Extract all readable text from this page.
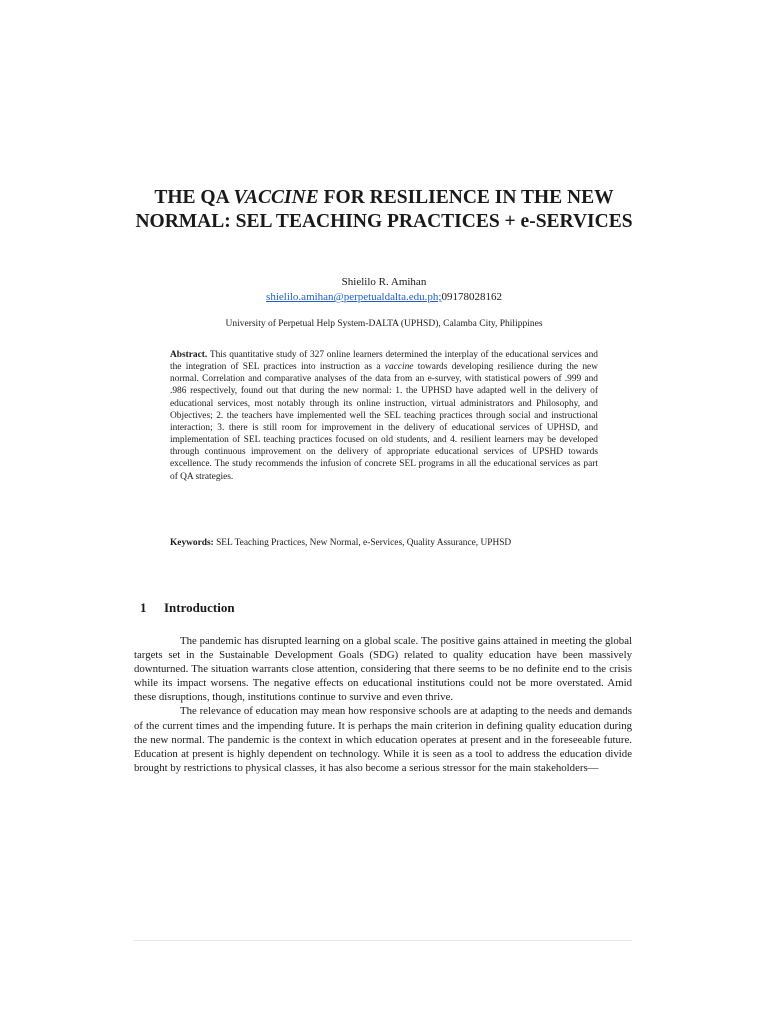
THE QA VACCINE FOR RESILIENCE IN THE NEW NORMAL: SEL TEACHING PRACTICES + e-SERVICES
Shielilo R. Amihan
shielilo.amihan@perpetualdalta.edu.ph;09178028162
University of Perpetual Help System-DALTA (UPHSD), Calamba City, Philippines

Abstract. This quantitative study of 327 online learners determined the interplay of the educational services and the integration of SEL practices into instruction as a vaccine towards developing resilience during the new normal. Correlation and comparative analyses of the data from an e-survey, with statistical powers of .999 and .986 respectively, found out that during the new normal: 1. the UPHSD have adapted well in the delivery of educational services, most notably through its online instruction, virtual administrators and Philosophy, and Objectives; 2. the teachers have implemented well the SEL teaching practices through social and instructional interaction; 3. there is still room for improvement in the delivery of educational services of UPHSD, and implementation of SEL teaching practices focused on old students, and 4. resilient learners may be developed through continuous improvement on the delivery of appropriate educational services of UPSHD towards excellence. The study recommends the infusion of concrete SEL programs in all the educational services as part of QA strategies.

Keywords: SEL Teaching Practices, New Normal, e-Services, Quality Assurance, UPHSD

1 Introduction

The pandemic has disrupted learning on a global scale. The positive gains attained in meeting the global targets set in the Sustainable Development Goals (SDG) related to quality education have been massively downturned. The situation warrants close attention, considering that there seems to be no definite end to the crisis while its impact worsens. The negative effects on educational institutions could not be more overstated. Amid these disruptions, though, institutions continue to survive and even thrive.

The relevance of education may mean how responsive schools are at adapting to the needs and demands of the current times and the impending future. It is perhaps the main criterion in defining quality education during the new normal. The pandemic is the context in which education operates at present and in the foreseeable future. Education at present is highly dependent on technology. While it is seen as a tool to address the education divide brought by restrictions to physical classes, it has also become a serious stressor for the main stakeholders—
